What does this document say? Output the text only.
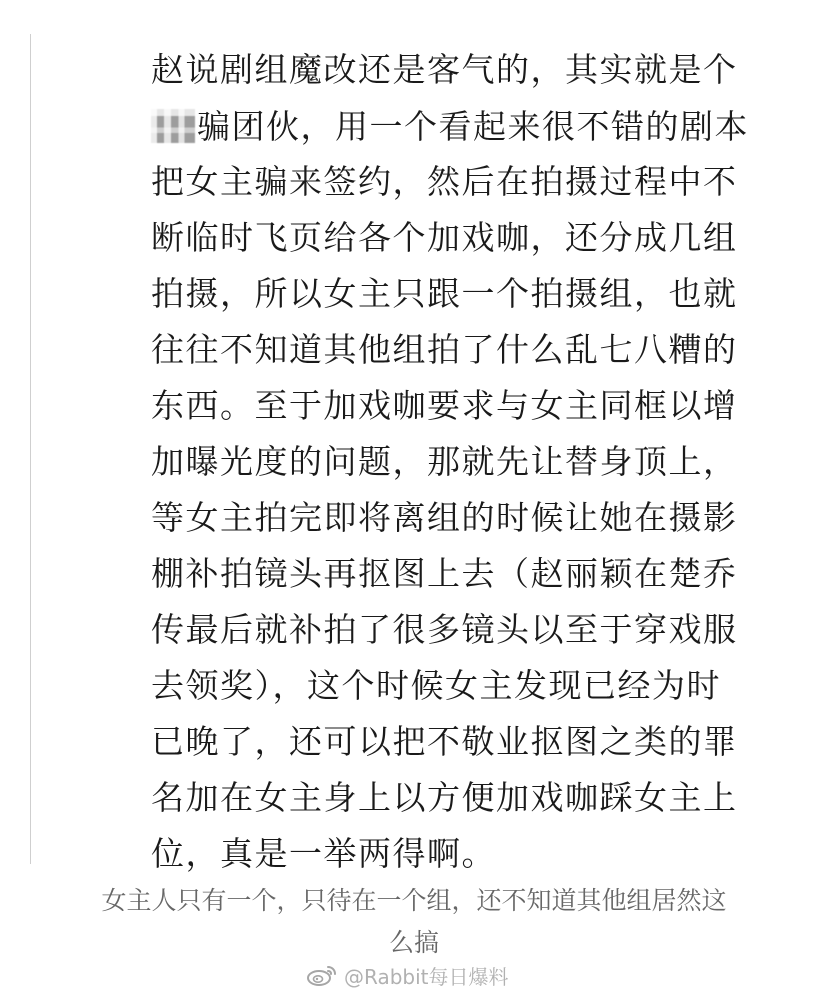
赵说剧组魔改还是客气的，其实就是个
骗团伙，用一个看起来很不错的剧本
把女主骗来签约，然后在拍摄过程中不
断临时飞页给各个加戏咖，还分成几组
拍摄，所以女主只跟一个拍摄组，也就
往往不知道其他组拍了什么乱七八糟的
东西。至于加戏咖要求与女主同框以增
加曝光度的问题，那就先让替身顶上，
等女主拍完即将离组的时候让她在摄影
棚补拍镜头再抠图上去（赵丽颖在楚乔
传最后就补拍了很多镜头以至于穿戏服
去领奖），这个时候女主发现已经为时
已晚了，还可以把不敬业抠图之类的罪
名加在女主身上以方便加戏咖踩女主上
位，真是一举两得啊。
女主人只有一个，只待在一个组，还不知道其他组居然这
么搞
@Rabbit每日爆料
